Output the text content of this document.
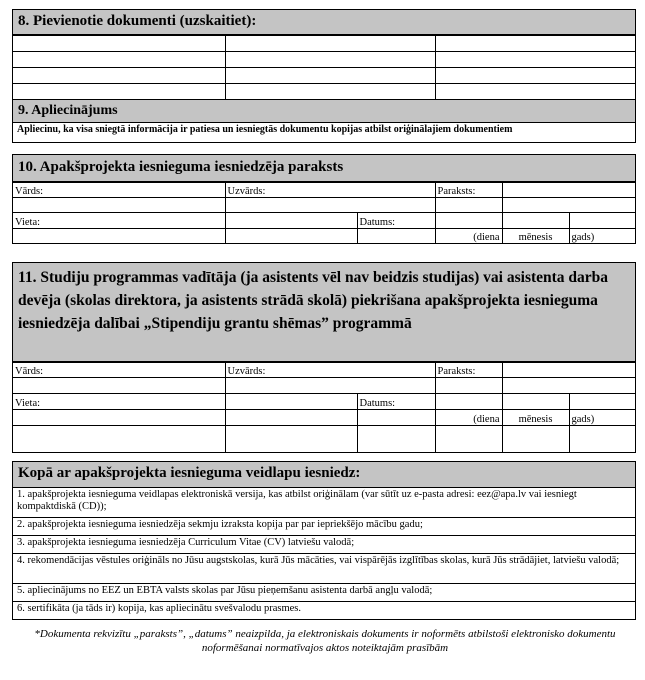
8. Pievienotie dokumenti (uzskaitiet):

9. Apliecinājums
Apliecinu, ka visa sniegtā informācija ir patiesa un iesniegtās dokumentu kopijas atbilst oriģinālajiem dokumentiem
10. Apakšprojekta iesnieguma iesniedzēja paraksts
Vārds:	Uzvārds:		Paraksts:		

Vieta:		Datums:			
			(diena	mēnesis	gads)
11. Studiju programmas vadītāja (ja asistents vēl nav beidzis studijas) vai asistenta darba devēja (skolas direktora, ja asistents strādā skolā) piekrišana apakšprojekta iesnieguma iesniedzēja dalībai „Stipendiju grantu shēmas” programmā
Vārds:	Uzvārds:		Paraksts:		

Vieta:		Datums:			
			(diena	mēnesis	gads)

Kopā ar apakšprojekta iesnieguma veidlapu iesniedz:
1. apakšprojekta iesnieguma veidlapas elektroniskā versija, kas atbilst oriģinālam (var sūtīt uz e-pasta adresi: eez@apa.lv vai iesniegt kompaktdiskā (CD));
2. apakšprojekta iesnieguma iesniedzēja sekmju izraksta kopija par par iepriekšējo mācību gadu;
3. apakšprojekta iesnieguma iesniedzēja Curriculum Vitae (CV) latviešu valodā;
4. rekomendācijas vēstules oriģināls no Jūsu augstskolas, kurā Jūs mācāties, vai vispārējās izglītības skolas, kurā Jūs strādājiet, latviešu valodā;
5. apliecinājums no EEZ un EBTA valsts skolas par Jūsu pieņemšanu asistenta darbā angļu valodā;
6. sertifikāta (ja tāds ir) kopija, kas apliecinātu svešvalodu prasmes.
*Dokumenta rekvizītu „paraksts”, „datums” neaizpilda, ja elektroniskais dokuments ir noformēts atbilstoši elektronisko dokumentu noformēšanai normatīvajos aktos noteiktajām prasībām
